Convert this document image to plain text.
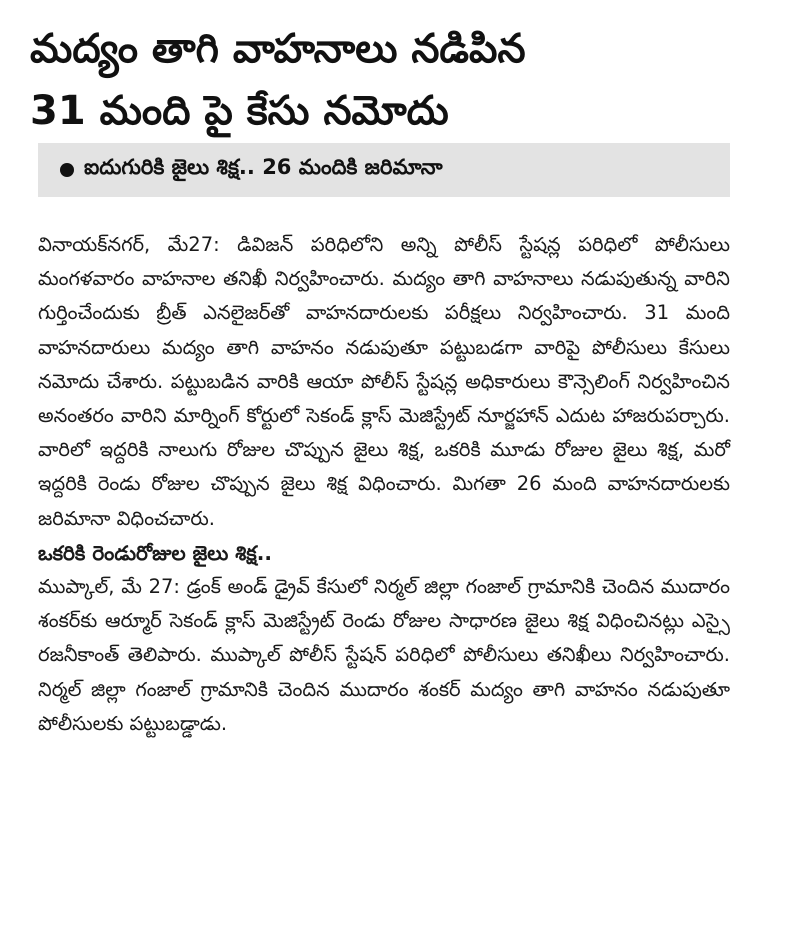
మద్యం తాగి వాహనాలు నడిపిన
31 మంది పై కేసు నమోదు
ఐదుగురికి జైలు శిక్ష.. 26 మందికి జరిమానా

వినాయక్‌నగర్, మే27: డివిజన్ పరిధిలోని అన్ని పోలీస్ స్టేషన్ల పరిధిలో పోలీసులు మంగళవారం వాహనాల తనిఖీ నిర్వహించారు. మద్యం తాగి వాహనాలు నడుపుతున్న వారిని గుర్తించేందుకు బ్రీత్ ఎనలైజర్‌తో వాహనదారులకు పరీక్షలు నిర్వహించారు. 31 మంది వాహనదారులు మద్యం తాగి వాహనం నడుపుతూ పట్టుబడగా వారిపై పోలీసులు కేసులు నమోదు చేశారు. పట్టుబడిన వారికి ఆయా పోలీస్ స్టేషన్ల అధికారులు కౌన్సెలింగ్ నిర్వహించిన అనంతరం వారిని మార్నింగ్ కోర్టులో సెకండ్ క్లాస్ మెజిస్ట్రేట్ నూర్జహాన్ ఎదుట హాజరుపర్చారు. వారిలో ఇద్దరికి నాలుగు రోజుల చొప్పున జైలు శిక్ష, ఒకరికి మూడు రోజుల జైలు శిక్ష, మరో ఇద్దరికి రెండు రోజుల చొప్పున జైలు శిక్ష విధించారు. మిగతా 26 మంది వాహనదారులకు జరిమానా విధించచారు.

ఒకరికి రెండురోజుల జైలు శిక్ష..

ముప్కాల్, మే 27: డ్రంక్ అండ్ డ్రైవ్ కేసులో నిర్మల్ జిల్లా గంజాల్ గ్రామానికి చెందిన ముదారం శంకర్‌కు ఆర్మూర్ సెకండ్ క్లాస్ మెజిస్ట్రేట్ రెండు రోజుల సాధారణ జైలు శిక్ష విధించినట్లు ఎస్సై రజనీకాంత్ తెలిపారు. ముప్కాల్ పోలీస్ స్టేషన్ పరిధిలో పోలీసులు తనిఖీలు నిర్వహించారు. నిర్మల్ జిల్లా గంజాల్ గ్రామానికి చెందిన ముదారం శంకర్ మద్యం తాగి వాహనం నడుపుతూ పోలీసులకు పట్టుబడ్డాడు.
